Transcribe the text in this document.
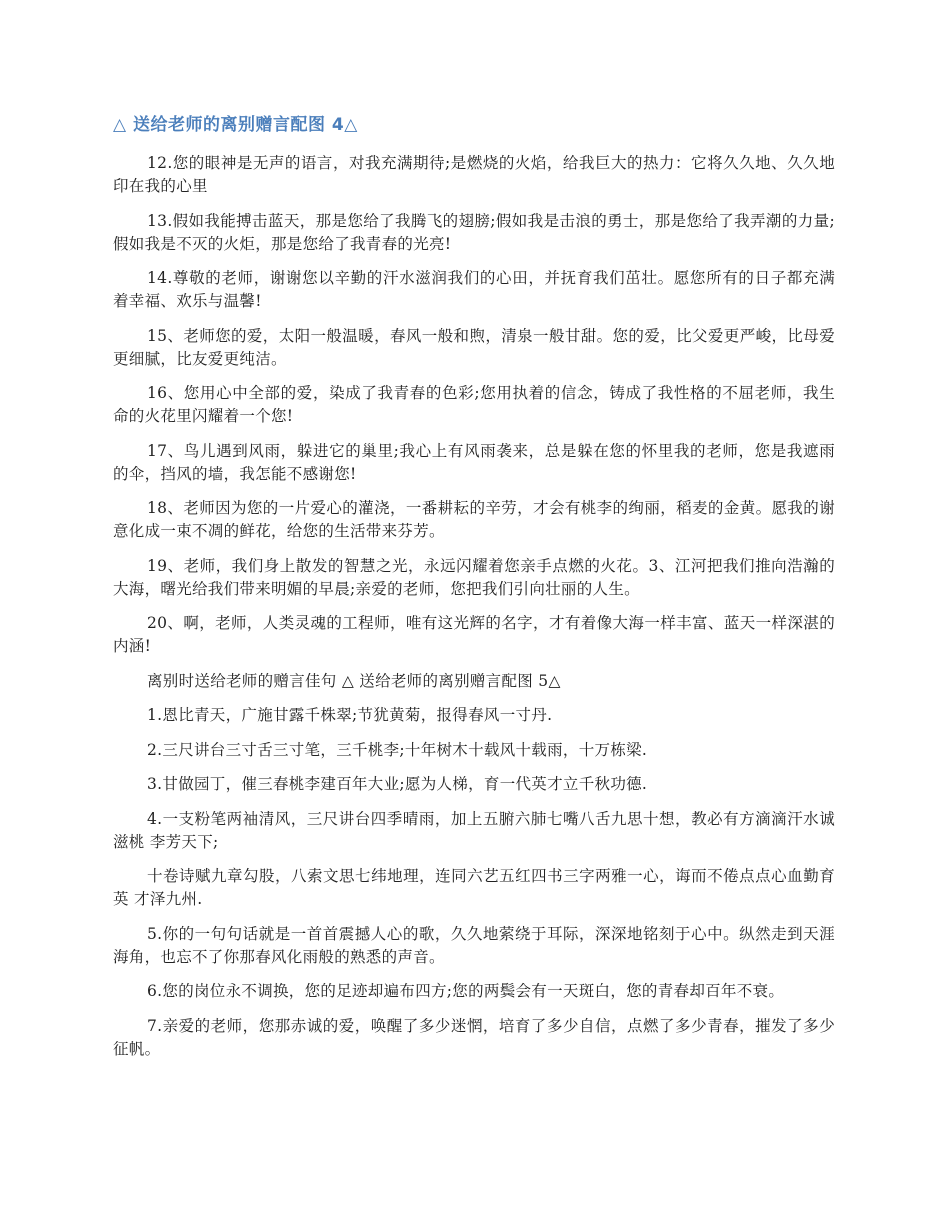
△ 送给老师的离别赠言配图 4△

12.您的眼神是无声的语言，对我充满期待;是燃烧的火焰，给我巨大的热力：它将久久地、久久地印在我的心里

13.假如我能搏击蓝天，那是您给了我腾飞的翅膀;假如我是击浪的勇士，那是您给了我弄潮的力量;假如我是不灭的火炬，那是您给了我青春的光亮!

14.尊敬的老师，谢谢您以辛勤的汗水滋润我们的心田，并抚育我们茁壮。愿您所有的日子都充满着幸福、欢乐与温馨!

15、老师您的爱，太阳一般温暖，春风一般和煦，清泉一般甘甜。您的爱，比父爱更严峻，比母爱更细腻，比友爱更纯洁。

16、您用心中全部的爱，染成了我青春的色彩;您用执着的信念，铸成了我性格的不屈老师，我生命的火花里闪耀着一个您!

17、鸟儿遇到风雨，躲进它的巢里;我心上有风雨袭来，总是躲在您的怀里我的老师，您是我遮雨的伞，挡风的墙，我怎能不感谢您!

18、老师因为您的一片爱心的灌浇，一番耕耘的辛劳，才会有桃李的绚丽，稻麦的金黄。愿我的谢意化成一束不凋的鲜花，给您的生活带来芬芳。

19、老师，我们身上散发的智慧之光，永远闪耀着您亲手点燃的火花。3、江河把我们推向浩瀚的大海，曙光给我们带来明媚的早晨;亲爱的老师，您把我们引向壮丽的人生。

20、啊，老师，人类灵魂的工程师，唯有这光辉的名字，才有着像大海一样丰富、蓝天一样深湛的内涵!

离别时送给老师的赠言佳句 △ 送给老师的离别赠言配图 5△

1.恩比青天，广施甘露千株翠;节犹黄菊，报得春风一寸丹.

2.三尺讲台三寸舌三寸笔，三千桃李;十年树木十载风十载雨，十万栋梁.

3.甘做园丁，催三春桃李建百年大业;愿为人梯，育一代英才立千秋功德.

4.一支粉笔两袖清风，三尺讲台四季晴雨，加上五腑六肺七嘴八舌九思十想，教必有方滴滴汗水诚滋桃 李芳天下;

十卷诗赋九章勾股，八索文思七纬地理，连同六艺五红四书三字两雅一心，诲而不倦点点心血勤育英 才泽九州.

5.你的一句句话就是一首首震撼人心的歌，久久地萦绕于耳际，深深地铭刻于心中。纵然走到天涯海角，也忘不了你那春风化雨般的熟悉的声音。

6.您的岗位永不调换，您的足迹却遍布四方;您的两鬓会有一天斑白，您的青春却百年不衰。

7.亲爱的老师，您那赤诚的爱，唤醒了多少迷惘，培育了多少自信，点燃了多少青春，摧发了多少征帆。
